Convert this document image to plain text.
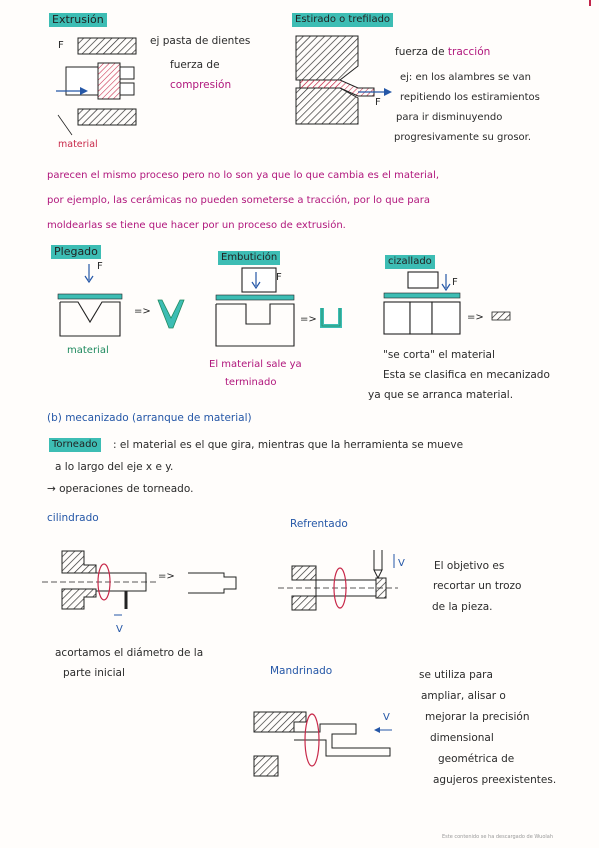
Extrusión
F
material
ej pasta de dientes
fuerza de
compresión
Estirado o trefilado
F
fuerza de tracción
ej: en los alambres se van
repitiendo los estiramientos
para ir disminuyendo
progresivamente su grosor.
parecen el mismo proceso pero no lo son ya que lo que cambia es el material,
por ejemplo, las cerámicas no pueden someterse a tracción, por lo que para
moldearlas se tiene que hacer por un proceso de extrusión.
Plegado
=>
F
material
Embutición
=>
F
El material sale ya
terminado
cizallado
=>
F
"se corta" el material
Esta se clasifica en mecanizado
ya que se arranca material.
(b) mecanizado (arranque de material)
Torneado : el material es el que gira, mientras que la herramienta se mueve
a lo largo del eje x e y.
→ operaciones de torneado.
cilindrado
=>
V
acortamos el diámetro de la
parte inicial
Refrentado
V	El objetivo es
recortar un trozo
de la pieza.
Mandrinado
V
se utiliza para
ampliar, alisar o
mejorar la precisión
dimensional
geométrica de
agujeros preexistentes.
Este contenido se ha descargado de Wuolah
